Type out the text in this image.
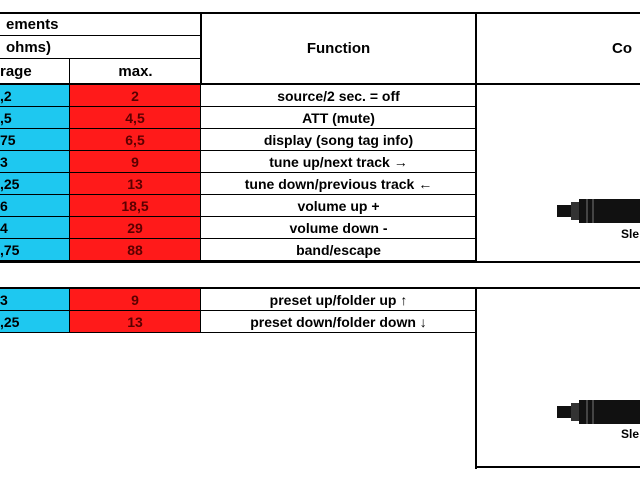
ements
ohms)
rage	max.
Function	Co
,2	2	source/2 sec. = off
,5	4,5	ATT (mute)
75	6,5	display (song tag info)
3	9	tune up/next track →
,25	13	tune down/previous track ←
6	18,5	volume up +
4	29	volume down -
,75	88	band/escape
Sle
3	9	preset up/folder up ↑
,25	13	preset down/folder down ↓
Sle
